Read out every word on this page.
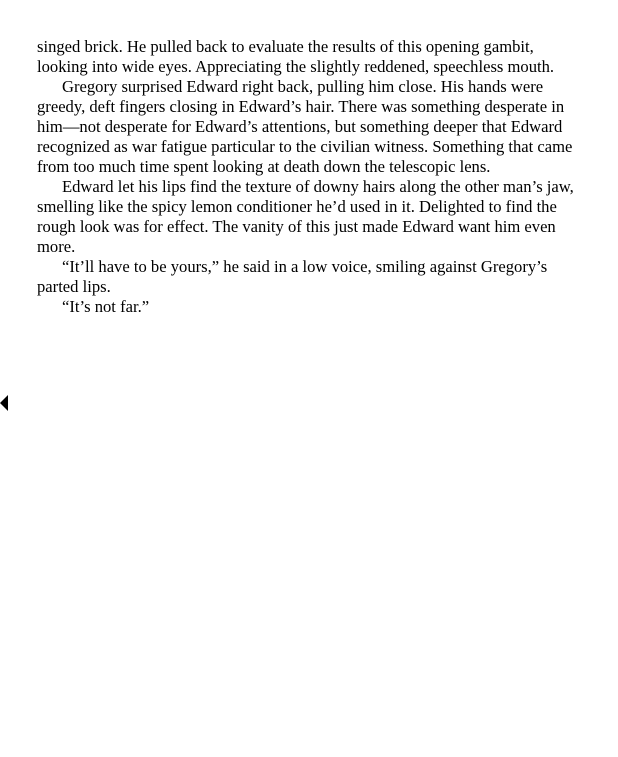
singed brick. He pulled back to evaluate the results of this opening gambit, looking into wide eyes. Appreciating the slightly reddened, speechless mouth.

Gregory surprised Edward right back, pulling him close. His hands were greedy, deft fingers closing in Edward’s hair. There was something desperate in him—not desperate for Edward’s attentions, but something deeper that Edward recognized as war fatigue particular to the civilian witness. Something that came from too much time spent looking at death down the telescopic lens.

Edward let his lips find the texture of downy hairs along the other man’s jaw, smelling like the spicy lemon conditioner he’d used in it. Delighted to find the rough look was for effect. The vanity of this just made Edward want him even more.

“It’ll have to be yours,” he said in a low voice, smiling against Gregory’s parted lips.

“It’s not far.”
